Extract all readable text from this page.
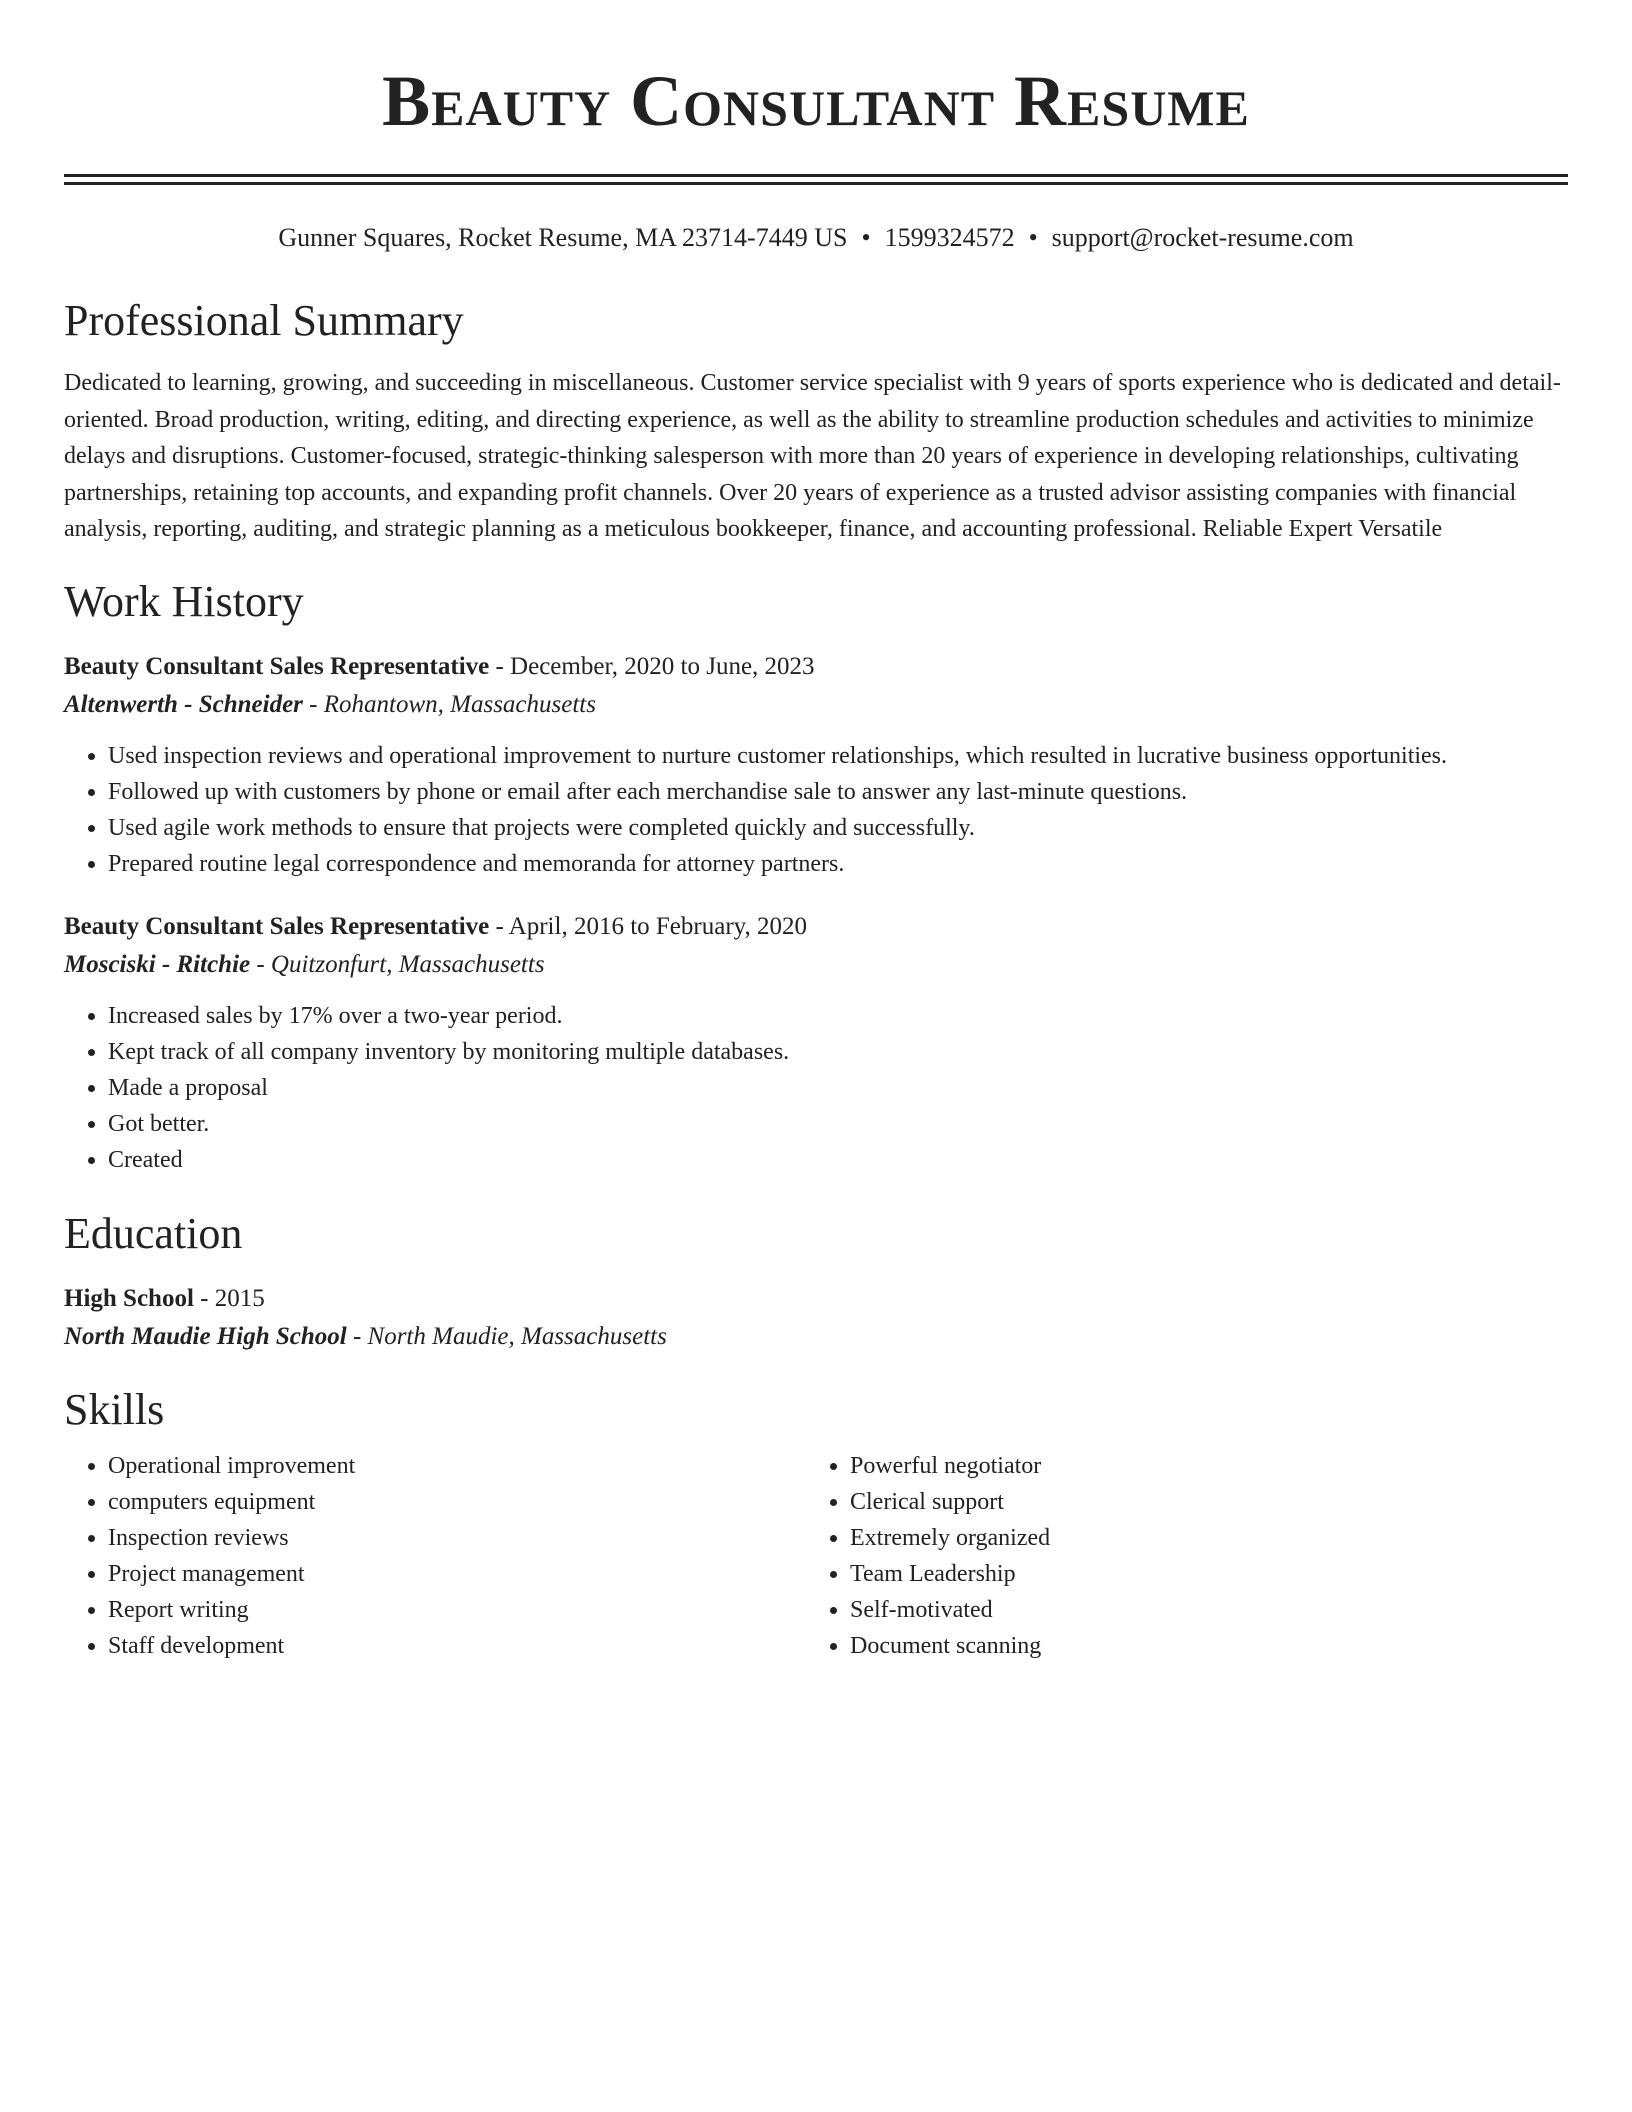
Beauty Consultant Resume
Gunner Squares, Rocket Resume, MA 23714-7449 US • 1599324572 • support@rocket-resume.com
Professional Summary
Dedicated to learning, growing, and succeeding in miscellaneous. Customer service specialist with 9 years of sports experience who is dedicated and detail-oriented. Broad production, writing, editing, and directing experience, as well as the ability to streamline production schedules and activities to minimize delays and disruptions. Customer-focused, strategic-thinking salesperson with more than 20 years of experience in developing relationships, cultivating partnerships, retaining top accounts, and expanding profit channels. Over 20 years of experience as a trusted advisor assisting companies with financial analysis, reporting, auditing, and strategic planning as a meticulous bookkeeper, finance, and accounting professional. Reliable Expert Versatile
Work History
Beauty Consultant Sales Representative - December, 2020 to June, 2023
Altenwerth - Schneider - Rohantown, Massachusetts
• Used inspection reviews and operational improvement to nurture customer relationships, which resulted in lucrative business opportunities.
• Followed up with customers by phone or email after each merchandise sale to answer any last-minute questions.
• Used agile work methods to ensure that projects were completed quickly and successfully.
• Prepared routine legal correspondence and memoranda for attorney partners.
Beauty Consultant Sales Representative - April, 2016 to February, 2020
Mosciski - Ritchie - Quitzonfurt, Massachusetts
• Increased sales by 17% over a two-year period.
• Kept track of all company inventory by monitoring multiple databases.
• Made a proposal
• Got better.
• Created
Education
High School - 2015
North Maudie High School - North Maudie, Massachusetts
Skills
• Operational improvement
• computers equipment
• Inspection reviews
• Project management
• Report writing
• Staff development
• Powerful negotiator
• Clerical support
• Extremely organized
• Team Leadership
• Self-motivated
• Document scanning
